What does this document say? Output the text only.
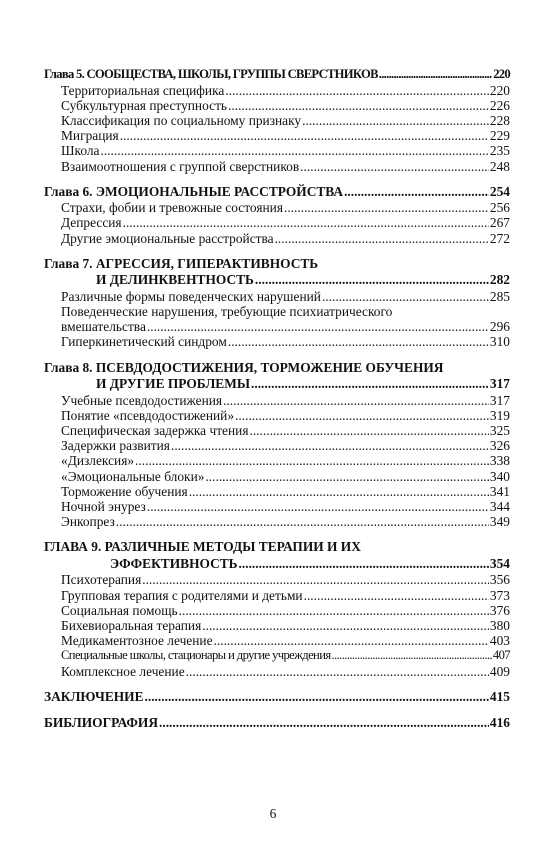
Глава 5. СООБЩЕСТВА, ШКОЛЫ, ГРУППЫ СВЕРСТНИКОВ .....	220
Территориальная специфика .....	220
Субкультурная преступность .....	226
Классификация по социальному признаку .....	228
Миграция .....	229
Школа .....	235
Взаимоотношения с группой сверстников .....	248
Глава 6. ЭМОЦИОНАЛЬНЫЕ РАССТРОЙСТВА .....	254
Страхи, фобии и тревожные состояния .....	256
Депрессия .....	267
Другие эмоциональные расстройства .....	272
Глава 7. АГРЕССИЯ, ГИПЕРАКТИВНОСТЬ
И ДЕЛИНКВЕНТНОСТЬ .....	282
Различные формы поведенческих нарушений .....	285
Поведенческие нарушения, требующие психиатрического
вмешательства .....	296
Гиперкинетический синдром .....	310
Глава 8. ПСЕВДОДОСТИЖЕНИЯ, ТОРМОЖЕНИЕ ОБУЧЕНИЯ
И ДРУГИЕ ПРОБЛЕМЫ .....	317
Учебные псевдодостижения .....	317
Понятие «псевдодостижений» .....	319
Специфическая задержка чтения .....	325
Задержки развития .....	326
«Дизлексия» .....	338
«Эмоциональные блоки» .....	340
Торможение обучения .....	341
Ночной энурез .....	344
Энкопрез .....	349
ГЛАВА 9. РАЗЛИЧНЫЕ МЕТОДЫ ТЕРАПИИ И ИХ
ЭФФЕКТИВНОСТЬ .....	354
Психотерапия .....	356
Групповая терапия с родителями и детьми .....	373
Социальная помощь .....	376
Бихевиоральная терапия .....	380
Медикаментозное лечение .....	403
Специальные школы, стационары и другие учреждения .....	407
Комплексное лечение .....	409
ЗАКЛЮЧЕНИЕ .....	415
БИБЛИОГРАФИЯ .....	416
6
